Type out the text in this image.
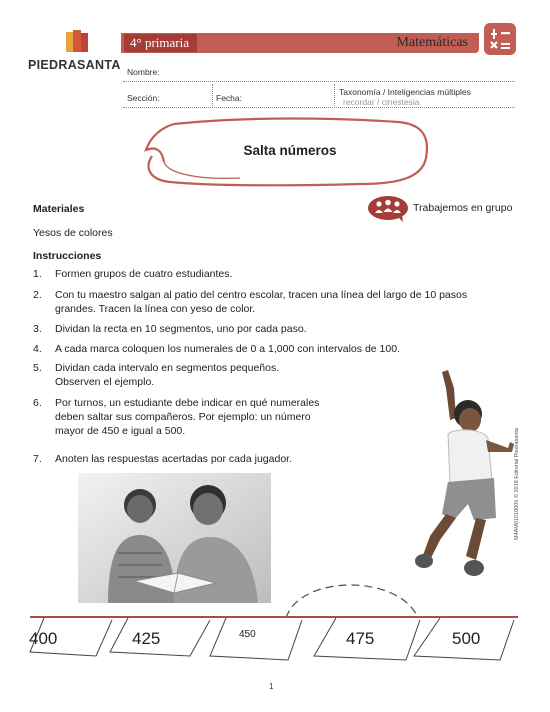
PIEDRASANTA
4° primaria	Matemáticas
Nombre:
Sección:	Fecha:
Taxonomía / Inteligencias múltiples
recordar / cinestesia
Salta números
Materiales
Yesos de colores
Trabajemos en grupo
Instrucciones
1.	Formen grupos de cuatro estudiantes.
2.	Con tu maestro salgan al patio del centro escolar, tracen una línea del largo de 10 pasos grandes. Tracen la línea con yeso de color.
3.	Dividan la recta en 10 segmentos, uno por cada paso.
4.	A cada marca coloquen los numerales de 0 a 1,000 con intervalos de 100.
5.	Dividan cada intervalo en segmentos pequeños. Observen el ejemplo.
6.	Por turnos, un estudiante debe indicar en qué numerales deben saltar sus compañeros. Por ejemplo: un número mayor de 450 e igual a 500.
7.	Anoten las respuestas acertadas por cada jugador.	M4AM01010005 © 2018 Editorial Piedrasanta
400	425	450	475	500
1
